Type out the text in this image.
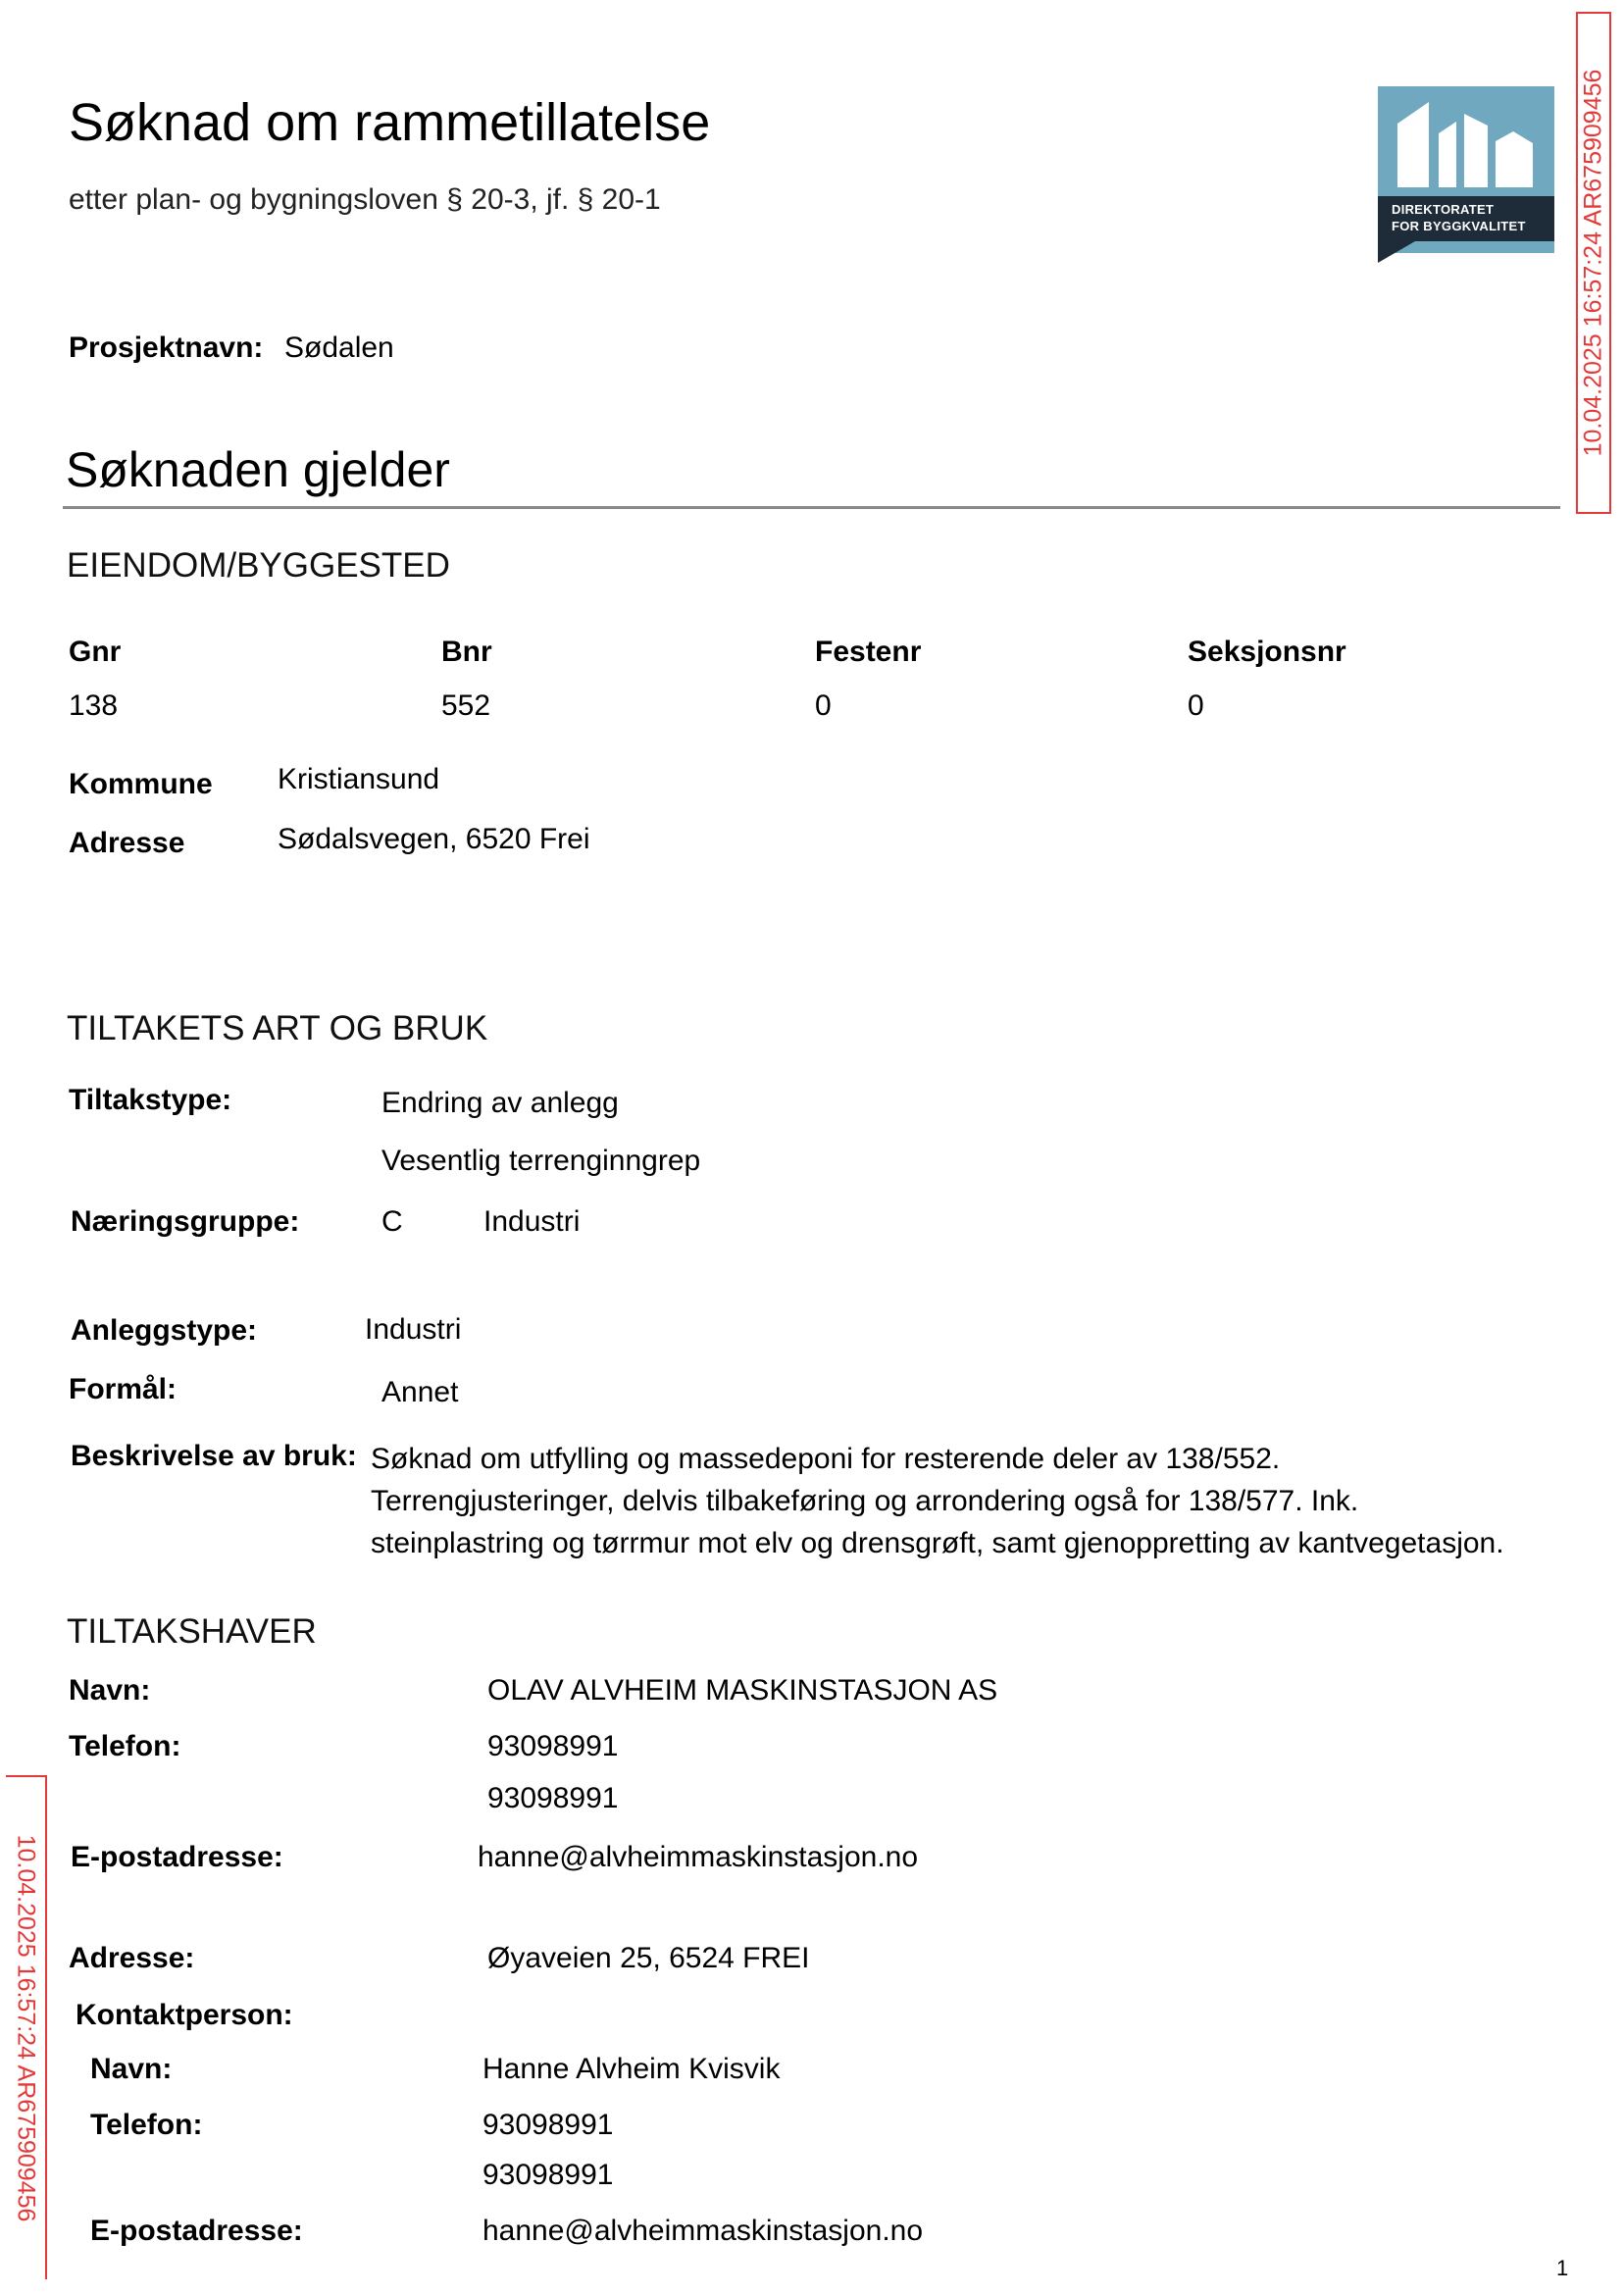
Søknad om rammetillatelse
etter plan- og bygningsloven § 20-3, jf. § 20-1	DIREKTORATET
FOR BYGGKVALITET
Prosjektnavn: Sødalen
Søknaden gjelder
EIENDOM/BYGGESTED
Gnr	Bnr	Festenr	Seksjonsnr
138	552	0	0
Kommune Kristiansund
Adresse	Sødalsvegen, 6520 Frei
TILTAKETS ART OG BRUK
Tiltakstype:	Endring av anlegg
Vesentlig terrenginngrep
Næringsgruppe:	C	Industri
Anleggstype:	Industri
Formål:	Annet
Beskrivelse av bruk: Søknad om utfylling og massedeponi for resterende deler av 138/552.
Terrengjusteringer, delvis tilbakeføring og arrondering også for 138/577. Ink.
steinplastring og tørrmur mot elv og drensgrøft, samt gjenoppretting av kantvegetasjon.
TILTAKSHAVER
Navn:	OLAV ALVHEIM MASKINSTASJON AS
Telefon:	93098991
93098991
E-postadresse:	hanne@alvheimmaskinstasjon.no
Adresse:	Øyaveien 25, 6524 FREI
Kontaktperson:
Navn:	Hanne Alvheim Kvisvik
Telefon:	93098991
93098991
E-postadresse:	hanne@alvheimmaskinstasjon.no
10.04.2025 16:57:24 AR675909456
10.04.2025 16:57:24 AR675909456
1
